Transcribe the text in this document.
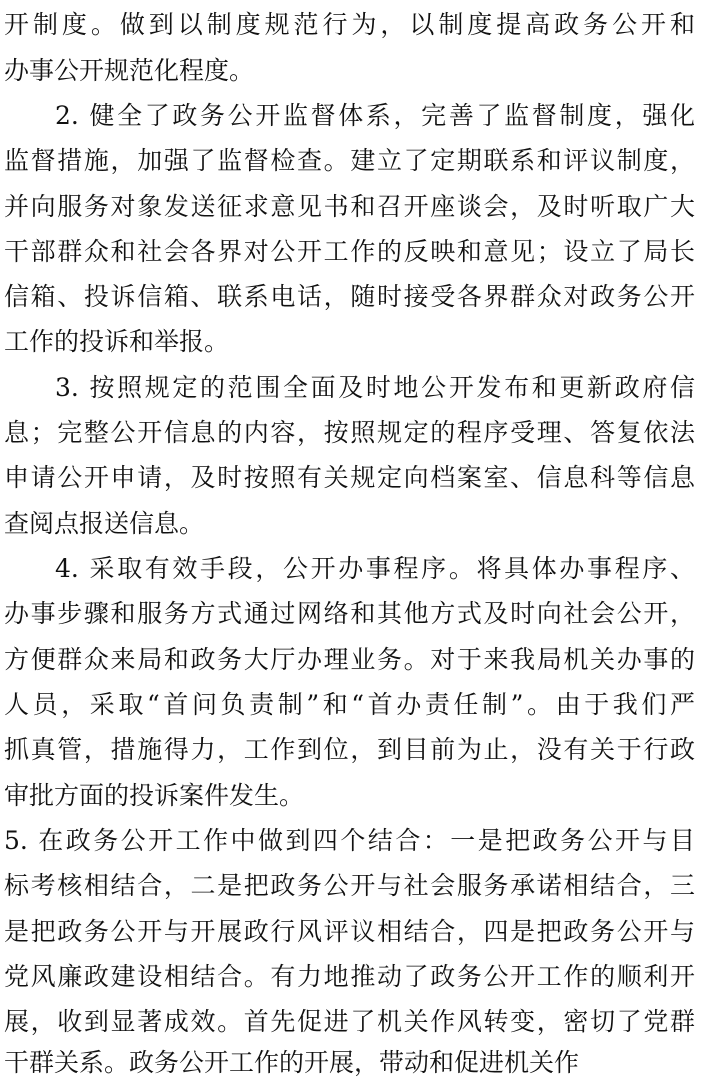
开制度。做到以制度规范行为，以制度提高政务公开和
办事公开规范化程度。
2. 健全了政务公开监督体系，完善了监督制度，强化
监督措施，加强了监督检查。建立了定期联系和评议制度，
并向服务对象发送征求意见书和召开座谈会，及时听取广大
干部群众和社会各界对公开工作的反映和意见；设立了局长
信箱、投诉信箱、联系电话，随时接受各界群众对政务公开
工作的投诉和举报。
3. 按照规定的范围全面及时地公开发布和更新政府信
息；完整公开信息的内容，按照规定的程序受理、答复依法
申请公开申请，及时按照有关规定向档案室、信息科等信息
查阅点报送信息。
4. 采取有效手段，公开办事程序。将具体办事程序、
办事步骤和服务方式通过网络和其他方式及时向社会公开，
方便群众来局和政务大厅办理业务。对于来我局机关办事的
人员，采取“首问负责制”和“首办责任制”。由于我们严
抓真管，措施得力，工作到位，到目前为止，没有关于行政
审批方面的投诉案件发生。
5. 在政务公开工作中做到四个结合：一是把政务公开与目
标考核相结合，二是把政务公开与社会服务承诺相结合，三
是把政务公开与开展政行风评议相结合，四是把政务公开与
党风廉政建设相结合。有力地推动了政务公开工作的顺利开
展，收到显著成效。首先促进了机关作风转变，密切了党群
干群关系。政务公开工作的开展，带动和促进机关作
